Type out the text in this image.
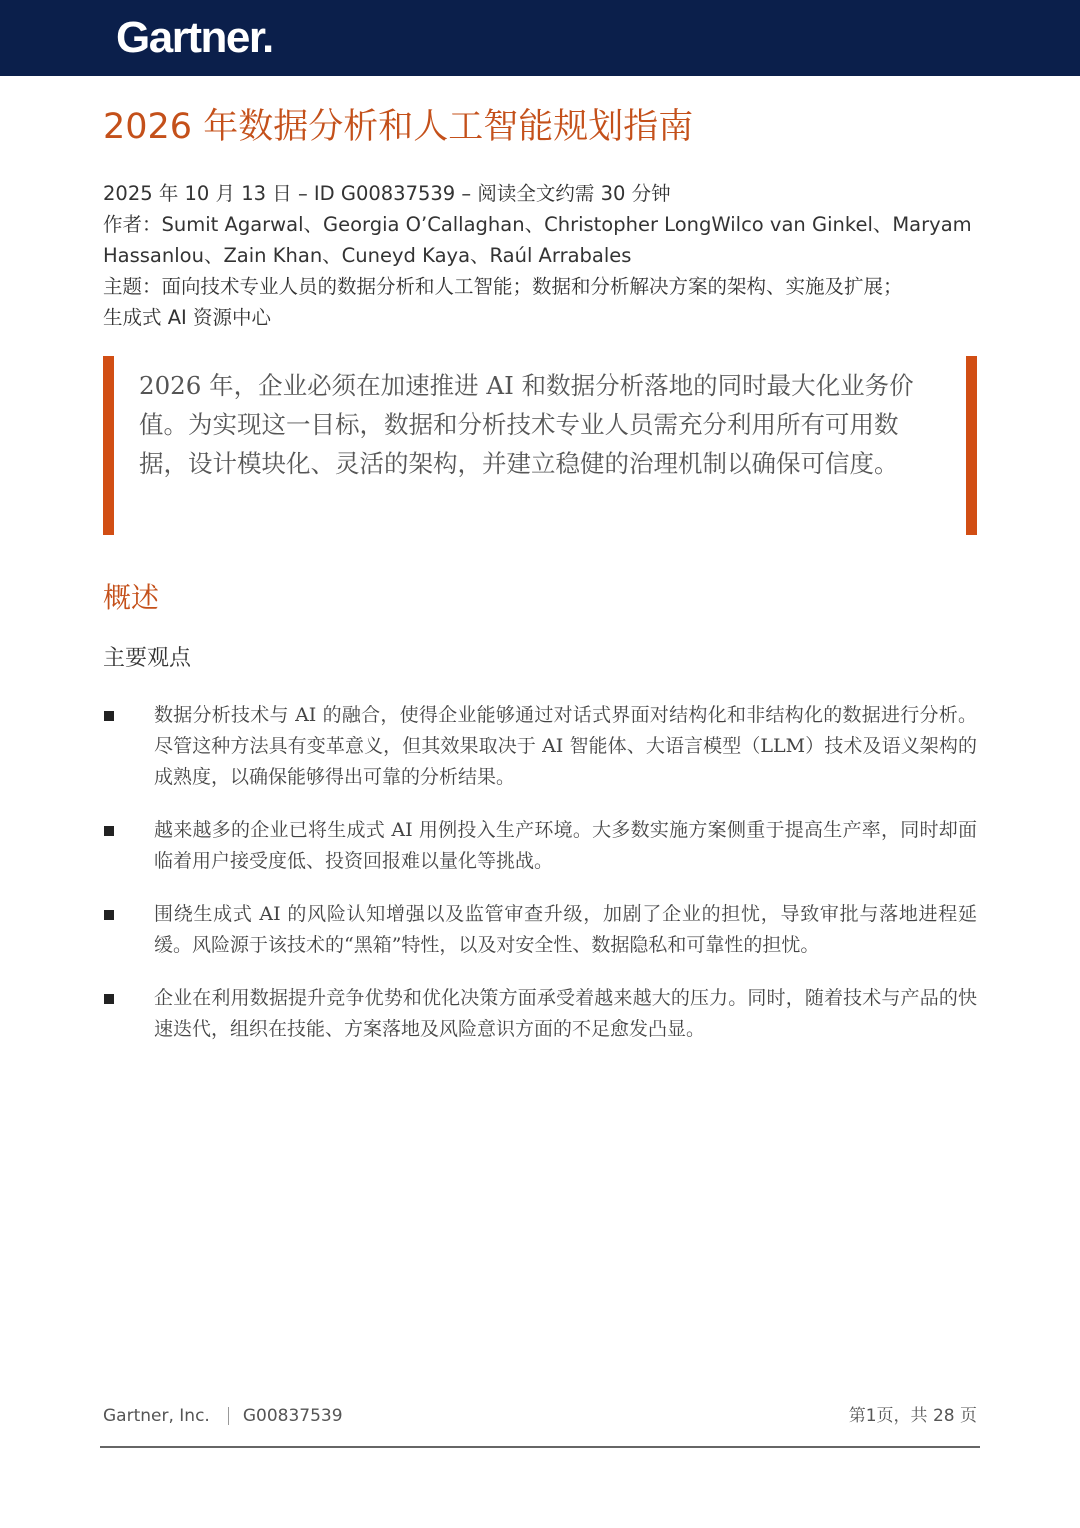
Gartner.
2026 年数据分析和人工智能规划指南
2025 年 10 月 13 日 – ID G00837539 – 阅读全文约需 30 分钟
作者：Sumit Agarwal、Georgia O’Callaghan、Christopher LongWilco van Ginkel、Maryam
Hassanlou、Zain Khan、Cuneyd Kaya、Raúl Arrabales
主题：面向技术专业人员的数据分析和人工智能；数据和分析解决方案的架构、实施及扩展；
生成式 AI 资源中心
2026 年，企业必须在加速推进 AI 和数据分析落地的同时最大化业务价值。为实现这一目标，数据和分析技术专业人员需充分利用所有可用数据，设计模块化、灵活的架构，并建立稳健的治理机制以确保可信度。
概述
主要观点
数据分析技术与 AI 的融合，使得企业能够通过对话式界面对结构化和非结构化的数据进行分析。尽管这种方法具有变革意义，但其效果取决于 AI 智能体、大语言模型（LLM）技术及语义架构的成熟度，以确保能够得出可靠的分析结果。
越来越多的企业已将生成式 AI 用例投入生产环境。大多数实施方案侧重于提高生产率，同时却面临着用户接受度低、投资回报难以量化等挑战。
围绕生成式 AI 的风险认知增强以及监管审查升级，加剧了企业的担忧，导致审批与落地进程延缓。风险源于该技术的“黑箱”特性，以及对安全性、数据隐私和可靠性的担忧。
企业在利用数据提升竞争优势和优化决策方面承受着越来越大的压力。同时，随着技术与产品的快速迭代，组织在技能、方案落地及风险意识方面的不足愈发凸显。
Gartner, Inc. G00837539	第1页，共 28 页
